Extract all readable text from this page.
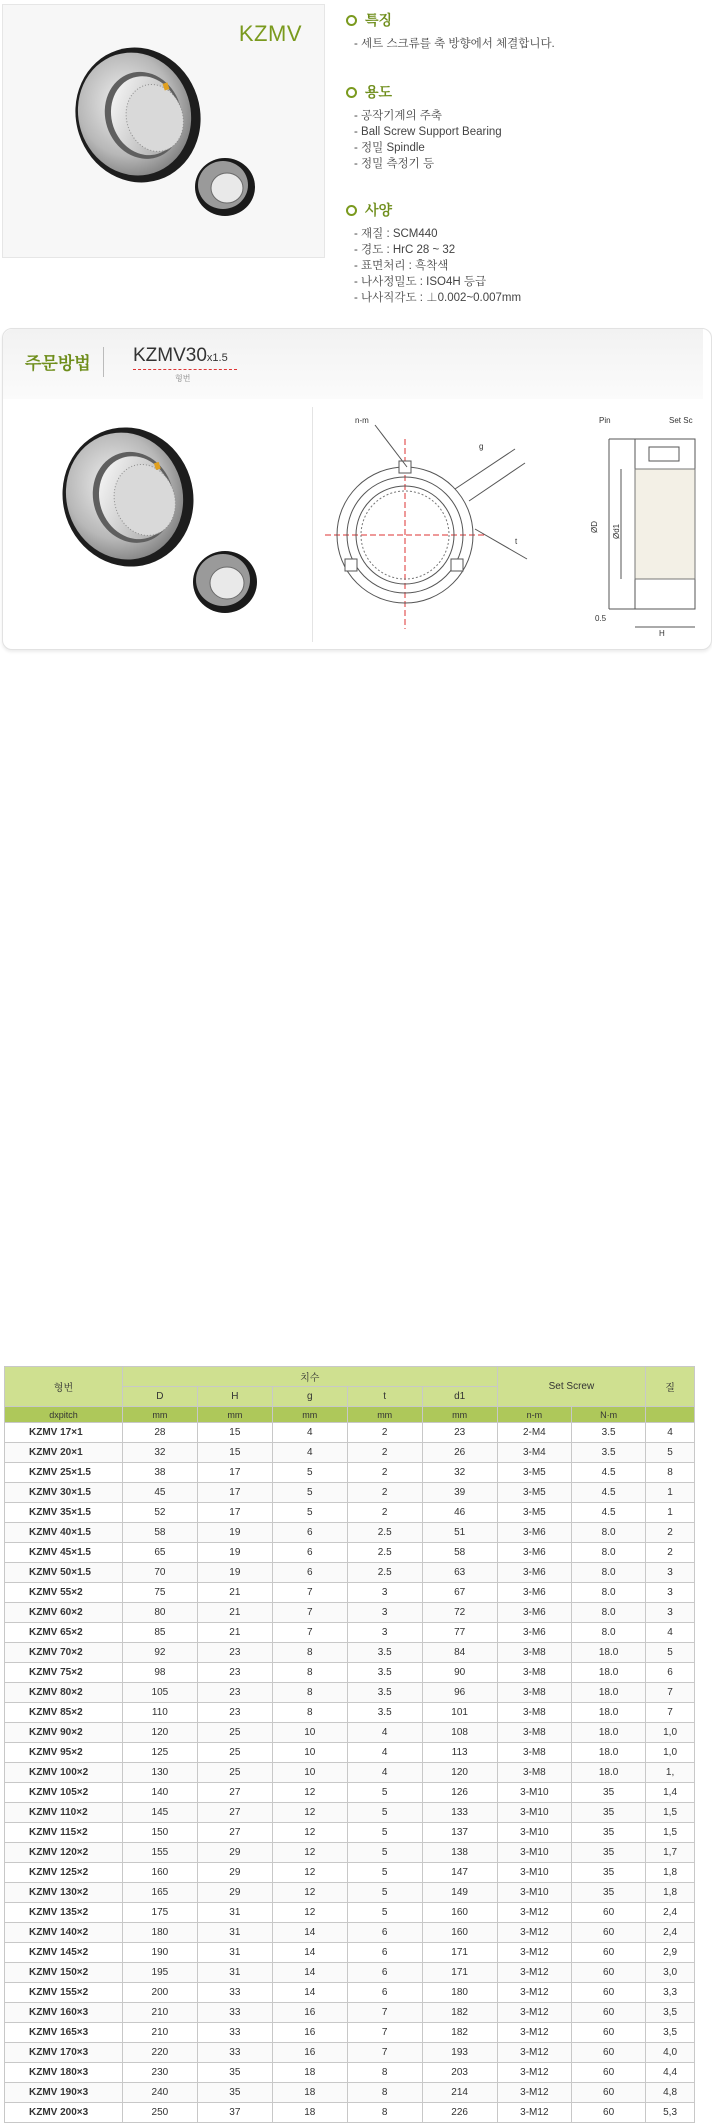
KZMV
특징
- 세트 스크류를 축 방향에서 체결합니다.
용도
- 공작기계의 주축
- Ball Screw Support Bearing
- 정밀 Spindle
- 정밀 측정기 등
사양
- 재질 : SCM440
- 경도 : HrC 28 ~ 32
- 표면처리 : 흑착색
- 나사정밀도 : ISO4H 등급
- 나사직각도 : ⊥0.002~0.007mm
주문방법 KZMV30x1.5
형번
n-m
g
t
Pin	Set Sc
ØD Ød1
0.5
H
형번	치수					Set Screw		질
	D	H	g	t	d1			
dxpitch	mm	mm	mm	mm	mm	n-m	N·m	
KZMV 17×1	28	15	4	2	23	2-M4	3.5	4
KZMV 20×1	32	15	4	2	26	3-M4	3.5	5
KZMV 25×1.5	38	17	5	2	32	3-M5	4.5	8
KZMV 30×1.5	45	17	5	2	39	3-M5	4.5	1
KZMV 35×1.5	52	17	5	2	46	3-M5	4.5	1
KZMV 40×1.5	58	19	6	2.5	51	3-M6	8.0	2
KZMV 45×1.5	65	19	6	2.5	58	3-M6	8.0	2
KZMV 50×1.5	70	19	6	2.5	63	3-M6	8.0	3
KZMV 55×2	75	21	7	3	67	3-M6	8.0	3
KZMV 60×2	80	21	7	3	72	3-M6	8.0	3
KZMV 65×2	85	21	7	3	77	3-M6	8.0	4
KZMV 70×2	92	23	8	3.5	84	3-M8	18.0	5
KZMV 75×2	98	23	8	3.5	90	3-M8	18.0	6
KZMV 80×2	105	23	8	3.5	96	3-M8	18.0	7
KZMV 85×2	110	23	8	3.5	101	3-M8	18.0	7
KZMV 90×2	120	25	10	4	108	3-M8	18.0	1,0
KZMV 95×2	125	25	10	4	113	3-M8	18.0	1,0
KZMV 100×2	130	25	10	4	120	3-M8	18.0	1,
KZMV 105×2	140	27	12	5	126	3-M10	35	1,4
KZMV 110×2	145	27	12	5	133	3-M10	35	1,5
KZMV 115×2	150	27	12	5	137	3-M10	35	1,5
KZMV 120×2	155	29	12	5	138	3-M10	35	1,7
KZMV 125×2	160	29	12	5	147	3-M10	35	1,8
KZMV 130×2	165	29	12	5	149	3-M10	35	1,8
KZMV 135×2	175	31	12	5	160	3-M12	60	2,4
KZMV 140×2	180	31	14	6	160	3-M12	60	2,4
KZMV 145×2	190	31	14	6	171	3-M12	60	2,9
KZMV 150×2	195	31	14	6	171	3-M12	60	3,0
KZMV 155×2	200	33	14	6	180	3-M12	60	3,3
KZMV 160×3	210	33	16	7	182	3-M12	60	3,5
KZMV 165×3	210	33	16	7	182	3-M12	60	3,5
KZMV 170×3	220	33	16	7	193	3-M12	60	4,0
KZMV 180×3	230	35	18	8	203	3-M12	60	4,4
KZMV 190×3	240	35	18	8	214	3-M12	60	4,8
KZMV 200×3	250	37	18	8	226	3-M12	60	5,3
